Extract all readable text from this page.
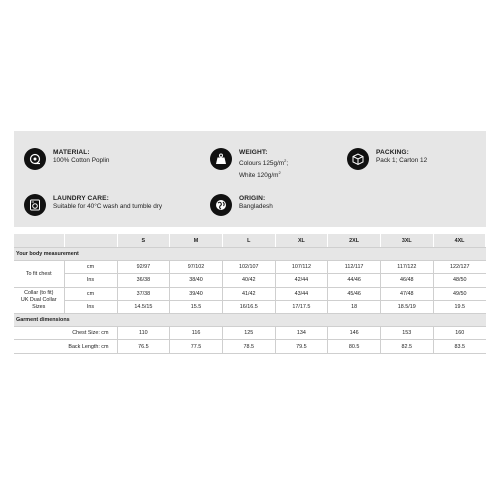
MATERIAL:
100% Cotton Poplin
WEIGHT:
Colours $125g/m^2$;
White $120g/m^2$
PACKING:
Pack 1; Carton 12
LAUNDRY CARE:
Suitable for 40°C wash and tumble dry
ORIGIN:
Bangladesh
		S	M	L	XL	2XL	3XL	4XL
Your body measurement								
To fit chest	cm	92/97	97/102	102/107	107/112	112/117	117/122	122/127
	Ins	36/38	38/40	40/42	42/44	44/46	46/48	48/50
Collar (to fit)
UK Dual Collar Sizes	cm	37/38	39/40	41/42	43/44	45/46	47/48	49/50
	Ins	14.5/15	15.5	16/16.5	17/17.5	18	18.5/19	19.5
Garment dimensions								
Chest Size: cm		110	116	125	134	146	153	160
Back Length: cm		76.5	77.5	78.5	79.5	80.5	82.5	83.5
